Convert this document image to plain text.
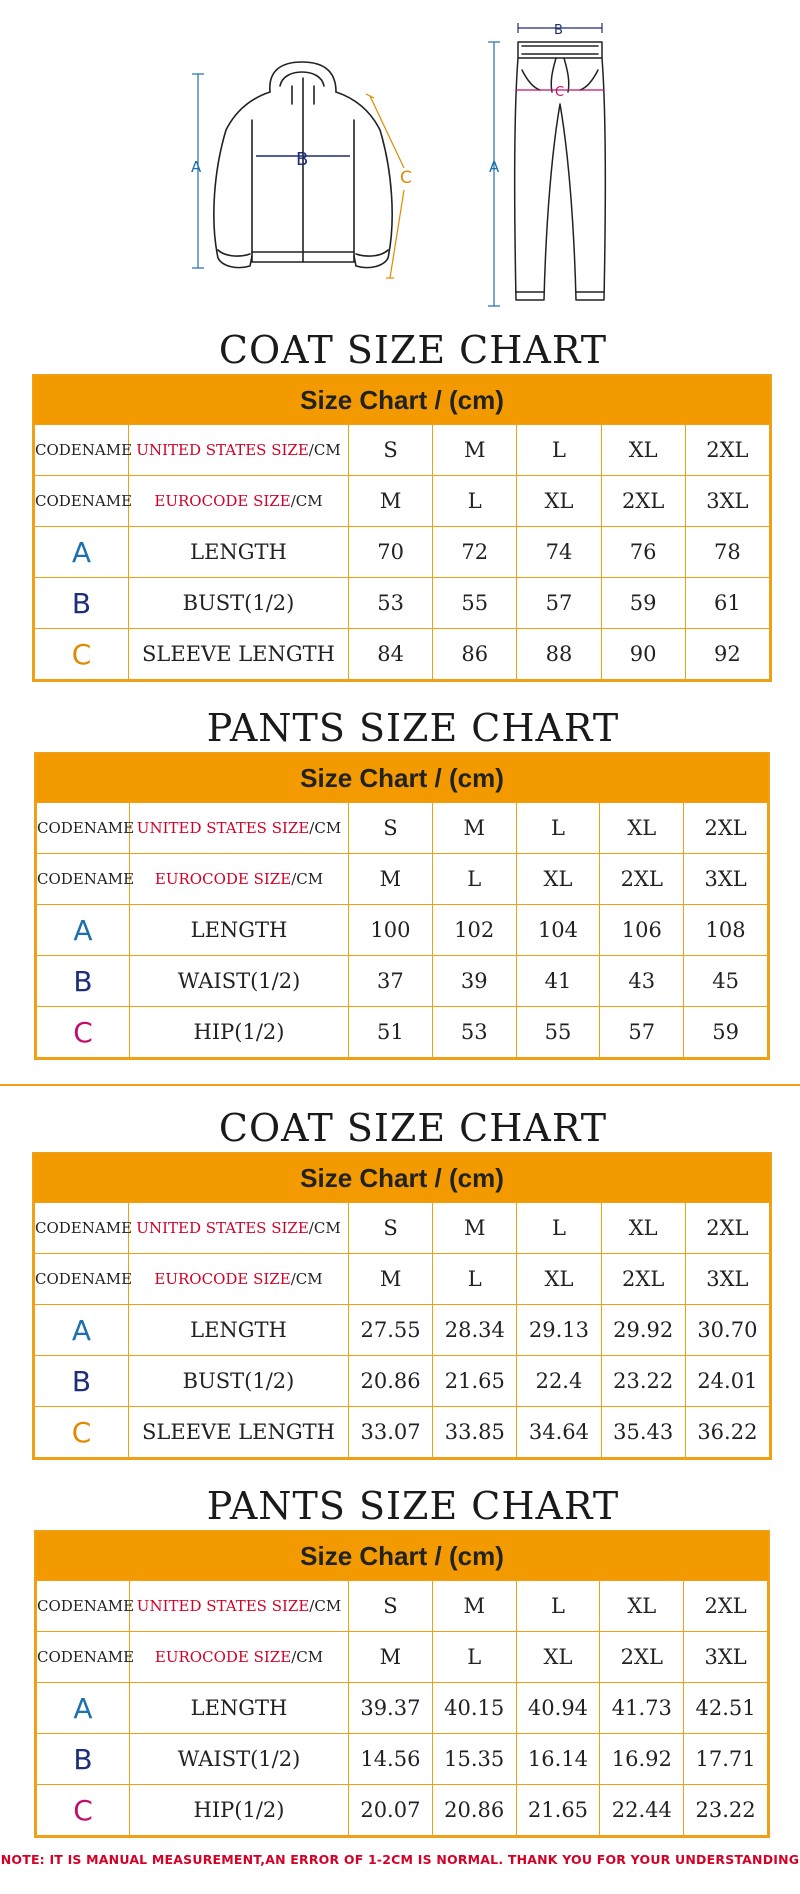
A	B
C
B
C
A
COAT SIZE CHART
Size Chart / (cm)
CODENAME	UNITED STATES SIZE/CM	S	M	L	XL	2XL
CODENAME	EUROCODE SIZE/CM	M	L	XL	2XL	3XL
A	LENGTH	70	72	74	76	78
B	BUST(1/2)	53	55	57	59	61
C	SLEEVE LENGTH	84	86	88	90	92
PANTS SIZE CHART
Size Chart / (cm)
CODENAME	UNITED STATES SIZE/CM	S	M	L	XL	2XL
CODENAME	EUROCODE SIZE/CM	M	L	XL	2XL	3XL
A	LENGTH	100	102	104	106	108
B	WAIST(1/2)	37	39	41	43	45
C	HIP(1/2)	51	53	55	57	59
COAT SIZE CHART
Size Chart / (cm)
CODENAME	UNITED STATES SIZE/CM	S	M	L	XL	2XL
CODENAME	EUROCODE SIZE/CM	M	L	XL	2XL	3XL
A	LENGTH	27.55	28.34	29.13	29.92	30.70
B	BUST(1/2)	20.86	21.65	22.4	23.22	24.01
C	SLEEVE LENGTH	33.07	33.85	34.64	35.43	36.22
PANTS SIZE CHART
Size Chart / (cm)
CODENAME	UNITED STATES SIZE/CM	S	M	L	XL	2XL
CODENAME	EUROCODE SIZE/CM	M	L	XL	2XL	3XL
A	LENGTH	39.37	40.15	40.94	41.73	42.51
B	WAIST(1/2)	14.56	15.35	16.14	16.92	17.71
C	HIP(1/2)	20.07	20.86	21.65	22.44	23.22
NOTE: IT IS MANUAL MEASUREMENT,AN ERROR OF 1-2CM IS NORMAL. THANK YOU FOR YOUR UNDERSTANDING
